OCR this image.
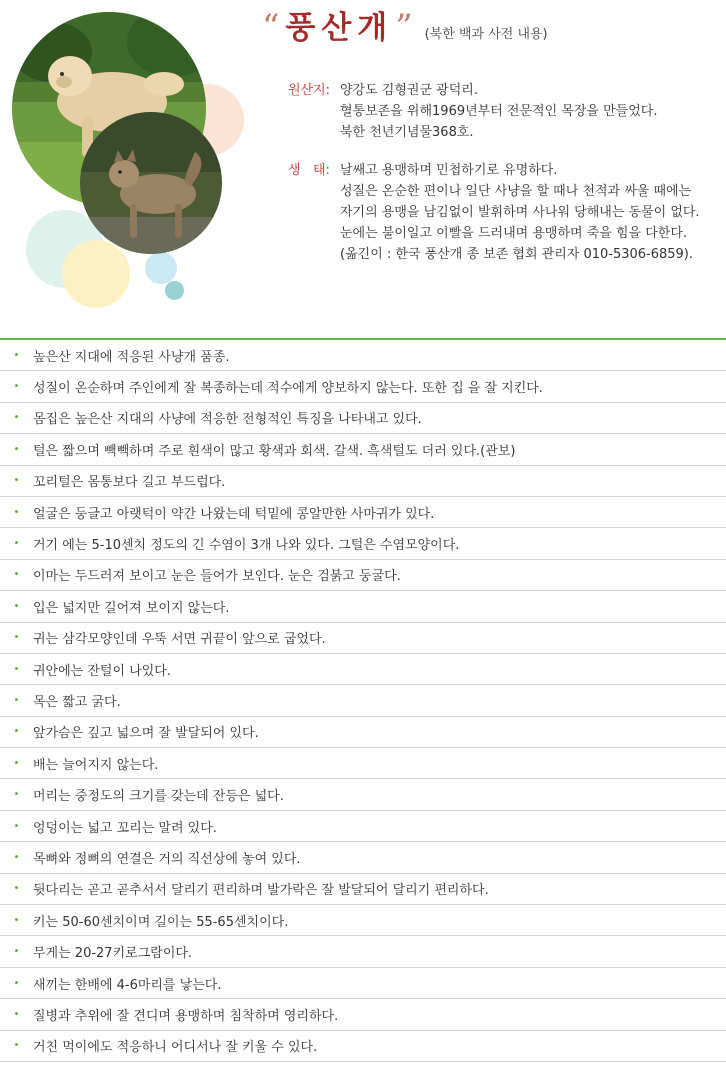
“ 풍산개 ” (북한 백과 사전 내용)
원산지: 양강도 김형권군 광덕리.
혈통보존을 위해1969년부터 전문적인 목장을 만들었다.
북한 천년기념물368호.
생   태: 날쌔고 용맹하며 민첩하기로 유명하다.
성질은 온순한 편이나 일단 사냥을 할 때나 천적과 싸울 때에는
자기의 용맹을 남김없이 발휘하며 사나워 당해내는 동물이 없다.
눈에는 불이일고 이빨을 드러내며 용맹하며 죽을 힘을 다한다.
(옮긴이 : 한국 풍산개 종 보존 협회 관리자 010-5306-6859).
•	높은산 지대에 적응된 사냥개 품종.
•	성질이 온순하며 주인에게 잘 복종하는데 적수에게 양보하지 않는다. 또한 집 을 잘 지킨다.
•	몸집은 높은산 지대의 사냥에 적응한 전형적인 특징을 나타내고 있다.
•	털은 짧으며 빽빽하며 주로 흰색이 많고 황색과 회색. 갈색. 흑색털도 더러 있다.(관보)
•	꼬리털은 몸통보다 길고 부드럽다.
•	얼굴은 둥글고 아랫턱이 약간 나왔는데 턱밑에 콩알만한 사마귀가 있다.
•	거기 에는 5-10센치 정도의 긴 수염이 3개 나와 있다. 그털은 수염모양이다.
•	이마는 두드러져 보이고 눈은 들어가 보인다. 눈은 검붉고 둥굴다.
•	입은 넓지만 길어져 보이지 않는다.
•	귀는 삼각모양인데 우뚝 서면 귀끝이 앞으로 굽었다.
•	귀안에는 잔털이 나있다.
•	목은 짧고 굵다.
•	앞가슴은 깊고 넓으며 잘 발달되어 있다.
•	배는 늘어지지 않는다.
•	머리는 중정도의 크기를 갖는데 잔등은 넓다.
•	엉덩이는 넓고 꼬리는 말려 있다.
•	목뼈와 정뼈의 연결은 거의 직선상에 놓여 있다.
•	뒷다리는 곧고 곧추서서 달리기 편리하며 발가락은 잘 발달되어 달리기 편리하다.
•	키는 50-60센치이며 길이는 55-65센치이다.
•	무게는 20-27키로그람이다.
•	새끼는 한배에 4-6마리를 낳는다.
•	질병과 추위에 잘 견디며 용맹하며 침착하며 영리하다.
•	거친 먹이에도 적응하니 어디서나 잘 키울 수 있다.
